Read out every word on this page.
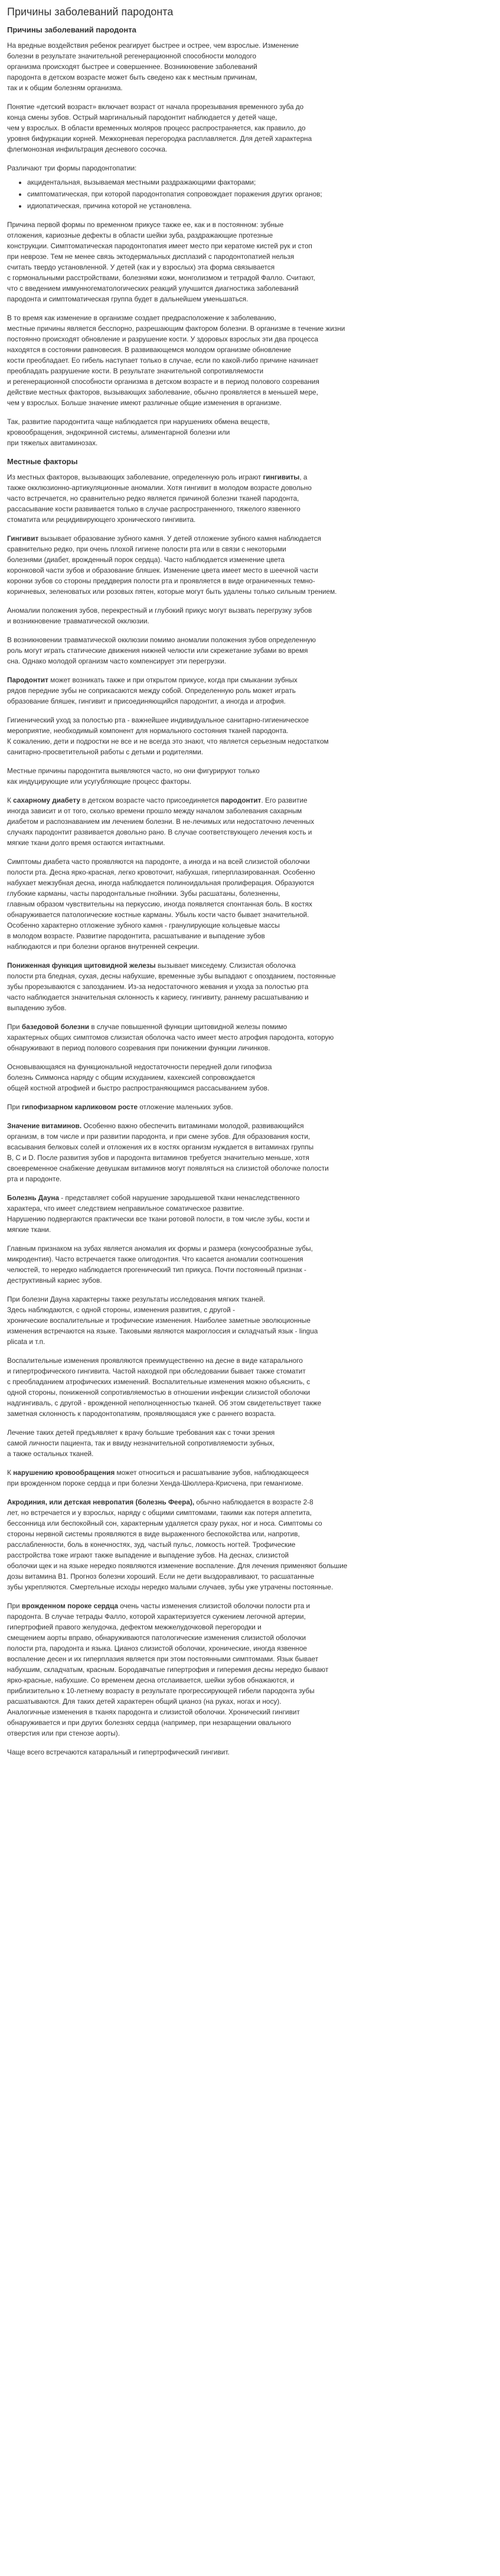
Причины заболеваний пародонта
Причины заболеваний пародонта

На вредные воздействия ребенок реагирует быстрее и острее, чем взрослые. Изменение
болезни в результате значительной регенерационной способности молодого
организма происходят быстрее и совершеннее. Возникновение заболеваний
пародонта в детском возрасте может быть сведено как к местным причинам,
так и к общим болезням организма.

Понятие «детский возраст» включает возраст от начала прорезывания временного зуба до
конца смены зубов. Острый маргинальный пародонтит наблюдается у детей чаще,
чем у взрослых. В области временных моляров процесс распространяется, как правило, до
уровня бифуркации корней. Межкорневая перегородка расплавляется. Для детей характерна
флегмонозная инфильтрация десневого сосочка.

Различают три формы пародонтопатии:

• акцидентальная, вызываемая местными раздражающими факторами;
• симптоматическая, при которой пародонтопатия сопровождает поражения других органов;
• идиопатическая, причина которой не установлена.

Причина первой формы по временном прикусе также ее, как и в постоянном: зубные
отложения, кариозные дефекты в области шейки зуба, раздражающие протезные
конструкции. Симптоматическая пародонтопатия имеет место при кератоме кистей рук и стоп
при неврозе. Тем не менее связь эктодермальных дисплазий с пародонтопатией нельзя
считать твердо установленной. У детей (как и у взрослых) эта форма связывается
с гормональными расстройствами, болезнями кожи, монголизмом и тетрадой Фалло. Считают,
что с введением иммунногематологических реакций улучшится диагностика заболеваний
пародонта и симптоматическая группа будет в дальнейшем уменьшаться.

В то время как изменение в организме создает предрасположение к заболеванию,
местные причины является бесспорно, разрешающим фактором болезни. В организме в течение жизни
постоянно происходят обновление и разрушение кости. У здоровых взрослых эти два процесса
находятся в состоянии равновесия. В развивающемся молодом организме обновление
кости преобладает. Ео гибель наступает только в случае, если по какой-либо причине начинает
преобладать разрушение кости. В результате значительной сопротивляемости
и регенерационной способности организма в детском возрасте и в период полового созревания
действие местных факторов, вызывающих заболевание, обычно проявляется в меньшей мере,
чем у взрослых. Больше значение имеют различные общие изменения в организме.

Так, развитие пародонтита чаще наблюдается при нарушениях обмена веществ,
кровообращения, эндокринной системы, алиментарной болезни или
при тяжелых авитаминозах.

Местные факторы

Из местных факторов, вызывающих заболевание, определенную роль играют гингивиты, а
также окклюзионно-артикуляционные аномалии. Хотя гингивит в молодом возрасте довольно
часто встречается, но сравнительно редко является причиной болезни тканей пародонта,
рассасывание кости развивается только в случае распространенного, тяжелого язвенного
стоматита или рецидивирующего хронического гингивита.

Гингивит вызывает образование зубного камня. У детей отложение зубного камня наблюдается
сравнительно редко, при очень плохой гигиене полости рта или в связи с некоторыми
болезнями (диабет, врожденный порок сердца). Часто наблюдается изменение цвета
коронковой части зубов и образование бляшек. Изменение цвета имеет место в шеечной части
коронки зубов со стороны преддверия полости рта и проявляется в виде ограниченных темно-
коричневых, зеленоватых или розовых пятен, которые могут быть удалены только сильным трением.

Аномалии положения зубов, перекрестный и глубокий прикус могут вызвать перегрузку зубов
и возникновение травматической окклюзии.

В возникновении травматической окклюзии помимо аномалии положения зубов определенную
роль могут играть статические движения нижней челюсти или скрежетание зубами во время
сна. Однако молодой организм часто компенсирует эти перегрузки.

Пародонтит может возникать также и при открытом прикусе, когда при смыкании зубных
рядов передние зубы не соприкасаются между собой. Определенную роль может играть
образование бляшек, гингивит и присоединяющийся пародонтит, а иногда и атрофия.

Гигиенический уход за полостью рта - важнейшее индивидуальное санитарно-гигиеническое
мероприятие, необходимый компонент для нормального состояния тканей пародонта.
К сожалению, дети и подростки не все и не всегда это знают, что является серьезным недостатком
санитарно-просветительной работы с детьми и родителями.

Местные причины пародонтита выявляются часто, но они фигурируют только
как индуцирующие или усугубляющие процесс факторы.

К сахарному диабету в детском возрасте часто присоединяется пародонтит. Его развитие
иногда зависит и от того, сколько времени прошло между началом заболевания сахарным
диабетом и распознаванием им лечением болезни. В не-лечимых или недостаточно леченных
случаях пародонтит развивается довольно рано. В случае соответствующего лечения кость и
мягкие ткани долго время остаются интактными.

Симптомы диабета часто проявляются на пародонте, а иногда и на всей слизистой оболочки
полости рта. Десна ярко-красная, легко кровоточит, набухшая, гиперплазированная. Особенно
набухает межзубная десна, иногда наблюдается полиноидальная пролиферация. Образуются
глубокие карманы, часты пародонтальные гнойники. Зубы расшатаны, болезненны,
главным образом чувствительны на перкуссию, иногда появляется спонтанная боль. В костях
обнаруживается патологические костные карманы. Убыль кости часто бывает значительной.
Особенно характерно отложение зубного камня - гранулирующие кольцевые массы
в молодом возрасте. Развитие пародонтита, расшатывание и выпадение зубов
наблюдаются и при болезни органов внутренней секреции.

Пониженная функция щитовидной железы вызывает микседему. Слизистая оболочка
полости рта бледная, сухая, десны набухшие, временные зубы выпадают с опозданием, постоянные
зубы прорезываются с запозданием. Из-за недостаточного жевания и ухода за полостью рта
часто наблюдается значительная склонность к кариесу, гингивиту, раннему расшатыванию и
выпадению зубов.

При базедовой болезни в случае повышенной функции щитовидной железы помимо
характерных общих симптомов слизистая оболочка часто имеет место атрофия пародонта, которую
обнаруживают в период полового созревания при понижении функции личинков.

Основывающаяся на функциональной недостаточности передней доли гипофиза
болезнь Симмонса наряду с общим исхуданием, кахексией сопровождается
общей костной атрофией и быстро распространяющимся рассасыванием зубов.

При гипофизарном карликовом росте отложение маленьких зубов.

Значение витаминов. Особенно важно обеспечить витаминами молодой, развивающийся
организм, в том числе и при развитии пародонта, и при смене зубов. Для образования кости,
всасывания белковых солей и отложения их в костях организм нуждается в витаминах группы
В, С и D. После развития зубов и пародонта витаминов требуется значительно меньше, хотя
своевременное снабжение девушкам витаминов могут появляться на слизистой оболочке полости
рта и пародонте.

Болезнь Дауна - представляет собой нарушение зародышевой ткани ненаследственного
характера, что имеет следствием неправильное соматическое развитие.
Нарушению подвергаются практически все ткани ротовой полости, в том числе зубы, кости и
мягкие ткани.

Главным признаком на зубах является аномалия их формы и размера (конусообразные зубы,
микродентия). Часто встречается также олигодонтия. Что касается аномалии соотношения
челюстей, то нередко наблюдается прогенический тип прикуса. Почти постоянный признак -
деструктивный кариес зубов.

При болезни Дауна характерны также результаты исследования мягких тканей.
Здесь наблюдаются, с одной стороны, изменения развития, с другой -
хронические воспалительные и трофические изменения. Наиболее заметные эволюционные
изменения встречаются на языке. Таковыми являются макроглоссия и складчатый язык - lingua
plicata и т.п.

Воспалительные изменения проявляются преимущественно на десне в виде катарального
и гипертрофического гингивита. Частой находкой при обследовании бывает также стоматит
с преобладанием атрофических изменений. Воспалительные изменения можно объяснить, с
одной стороны, пониженной сопротивляемостью в отношении инфекции слизистой оболочки
надгингиваль, с другой - врожденной неполноценностью тканей. Об этом свидетельствует также
заметная склонность к пародонтопатиям, проявляющаяся уже с раннего возраста.

Лечение таких детей предъявляет к врачу большие требования как с точки зрения
самой личности пациента, так и ввиду незначительной сопротивляемости зубных,
а также остальных тканей.

К нарушению кровообращения может относиться и расшатывание зубов, наблюдающееся
при врожденном пороке сердца и при болезни Хенда-Шюллера-Крисчена, при гемангиоме.

Акродиния, или детская невропатия (болезнь Феера), обычно наблюдается в возрасте 2-8
лет, но встречается и у взрослых, наряду с общими симптомами, такими как потеря аппетита,
бессонница или беспокойный сон, характерным удаляется сразу руках, ног и носа. Симптомы со
стороны нервной системы проявляются в виде выраженного беспокойства или, напротив,
расслабленности, боль в конечностях, зуд, частый пульс, ломкость ногтей. Трофические
расстройства тоже играют также выпадение и выпадение зубов. На деснах, слизистой
оболочки щек и на языке нередко появляются изменение воспаление. Для лечения применяют большие
дозы витамина В1. Прогноз болезни хороший. Если не дети выздоравливают, то расшатанные
зубы укрепляются. Смертельные исходы нередко малыми случаев, зубы уже утрачены постоянные.

При врожденном пороке сердца очень часты изменения слизистой оболочки полости рта и
пародонта. В случае тетрады Фалло, которой характеризуется сужением легочной артерии,
гипертрофией правого желудочка, дефектом межжелудочковой перегородки и
смещением аорты вправо, обнаруживаются патологические изменения слизистой оболочки
полости рта, пародонта и языка. Цианоз слизистой оболочки, хронические, иногда язвенное
воспаление десен и их гиперплазия является при этом постоянными симптомами. Язык бывает
набухшим, складчатым, красным. Бородавчатые гипертрофия и гиперемия десны нередко бывают
ярко-красные, набухшие. Со временем десна отслаивается, шейки зубов обнажаются, и
приблизительно к 10-летнему возрасту в результате прогрессирующей гибели пародонта зубы
расшатываются. Для таких детей характерен общий цианоз (на руках, ногах и носу).
Аналогичные изменения в тканях пародонта и слизистой оболочки. Хронический гингивит
обнаруживается и при других болезнях сердца (например, при незаращении овального
отверстия или при стенозе аорты).

Чаще всего встречаются катаральный и гипертрофический гингивит.
